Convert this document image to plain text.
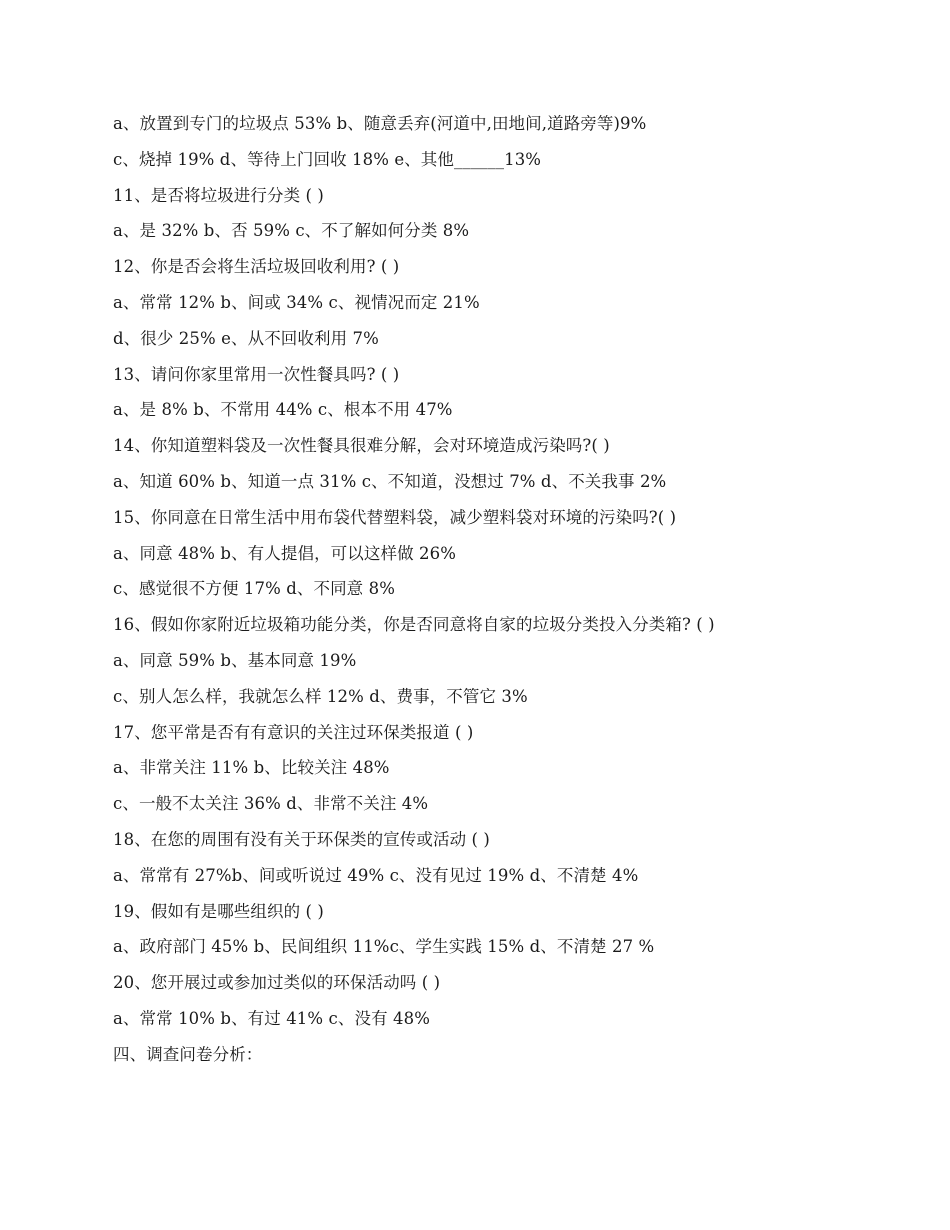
a、放置到专门的垃圾点 53% b、随意丢弃(河道中,田地间,道路旁等)9%
c、烧掉 19% d、等待上门回收 18% e、其他______13%
11、是否将垃圾进行分类 ( )
a、是 32% b、否 59% c、不了解如何分类 8%
12、你是否会将生活垃圾回收利用? ( )
a、常常 12% b、间或 34% c、视情况而定 21%
d、很少 25% e、从不回收利用 7%
13、请问你家里常用一次性餐具吗? ( )
a、是 8% b、不常用 44% c、根本不用 47%
14、你知道塑料袋及一次性餐具很难分解，会对环境造成污染吗?( )
a、知道 60% b、知道一点 31% c、不知道，没想过 7% d、不关我事 2%
15、你同意在日常生活中用布袋代替塑料袋，减少塑料袋对环境的污染吗?( )
a、同意 48% b、有人提倡，可以这样做 26%
c、感觉很不方便 17% d、不同意 8%
16、假如你家附近垃圾箱功能分类，你是否同意将自家的垃圾分类投入分类箱? ( )
a、同意 59% b、基本同意 19%
c、别人怎么样，我就怎么样 12% d、费事，不管它 3%
17、您平常是否有有意识的关注过环保类报道 ( )
a、非常关注 11% b、比较关注 48%
c、一般不太关注 36% d、非常不关注 4%
18、在您的周围有没有关于环保类的宣传或活动 ( )
a、常常有 27%b、间或听说过 49% c、没有见过 19% d、不清楚 4%
19、假如有是哪些组织的 ( )
a、政府部门 45% b、民间组织 11%c、学生实践 15% d、不清楚 27 %
20、您开展过或参加过类似的环保活动吗 ( )
a、常常 10% b、有过 41% c、没有 48%
四、调查问卷分析：
